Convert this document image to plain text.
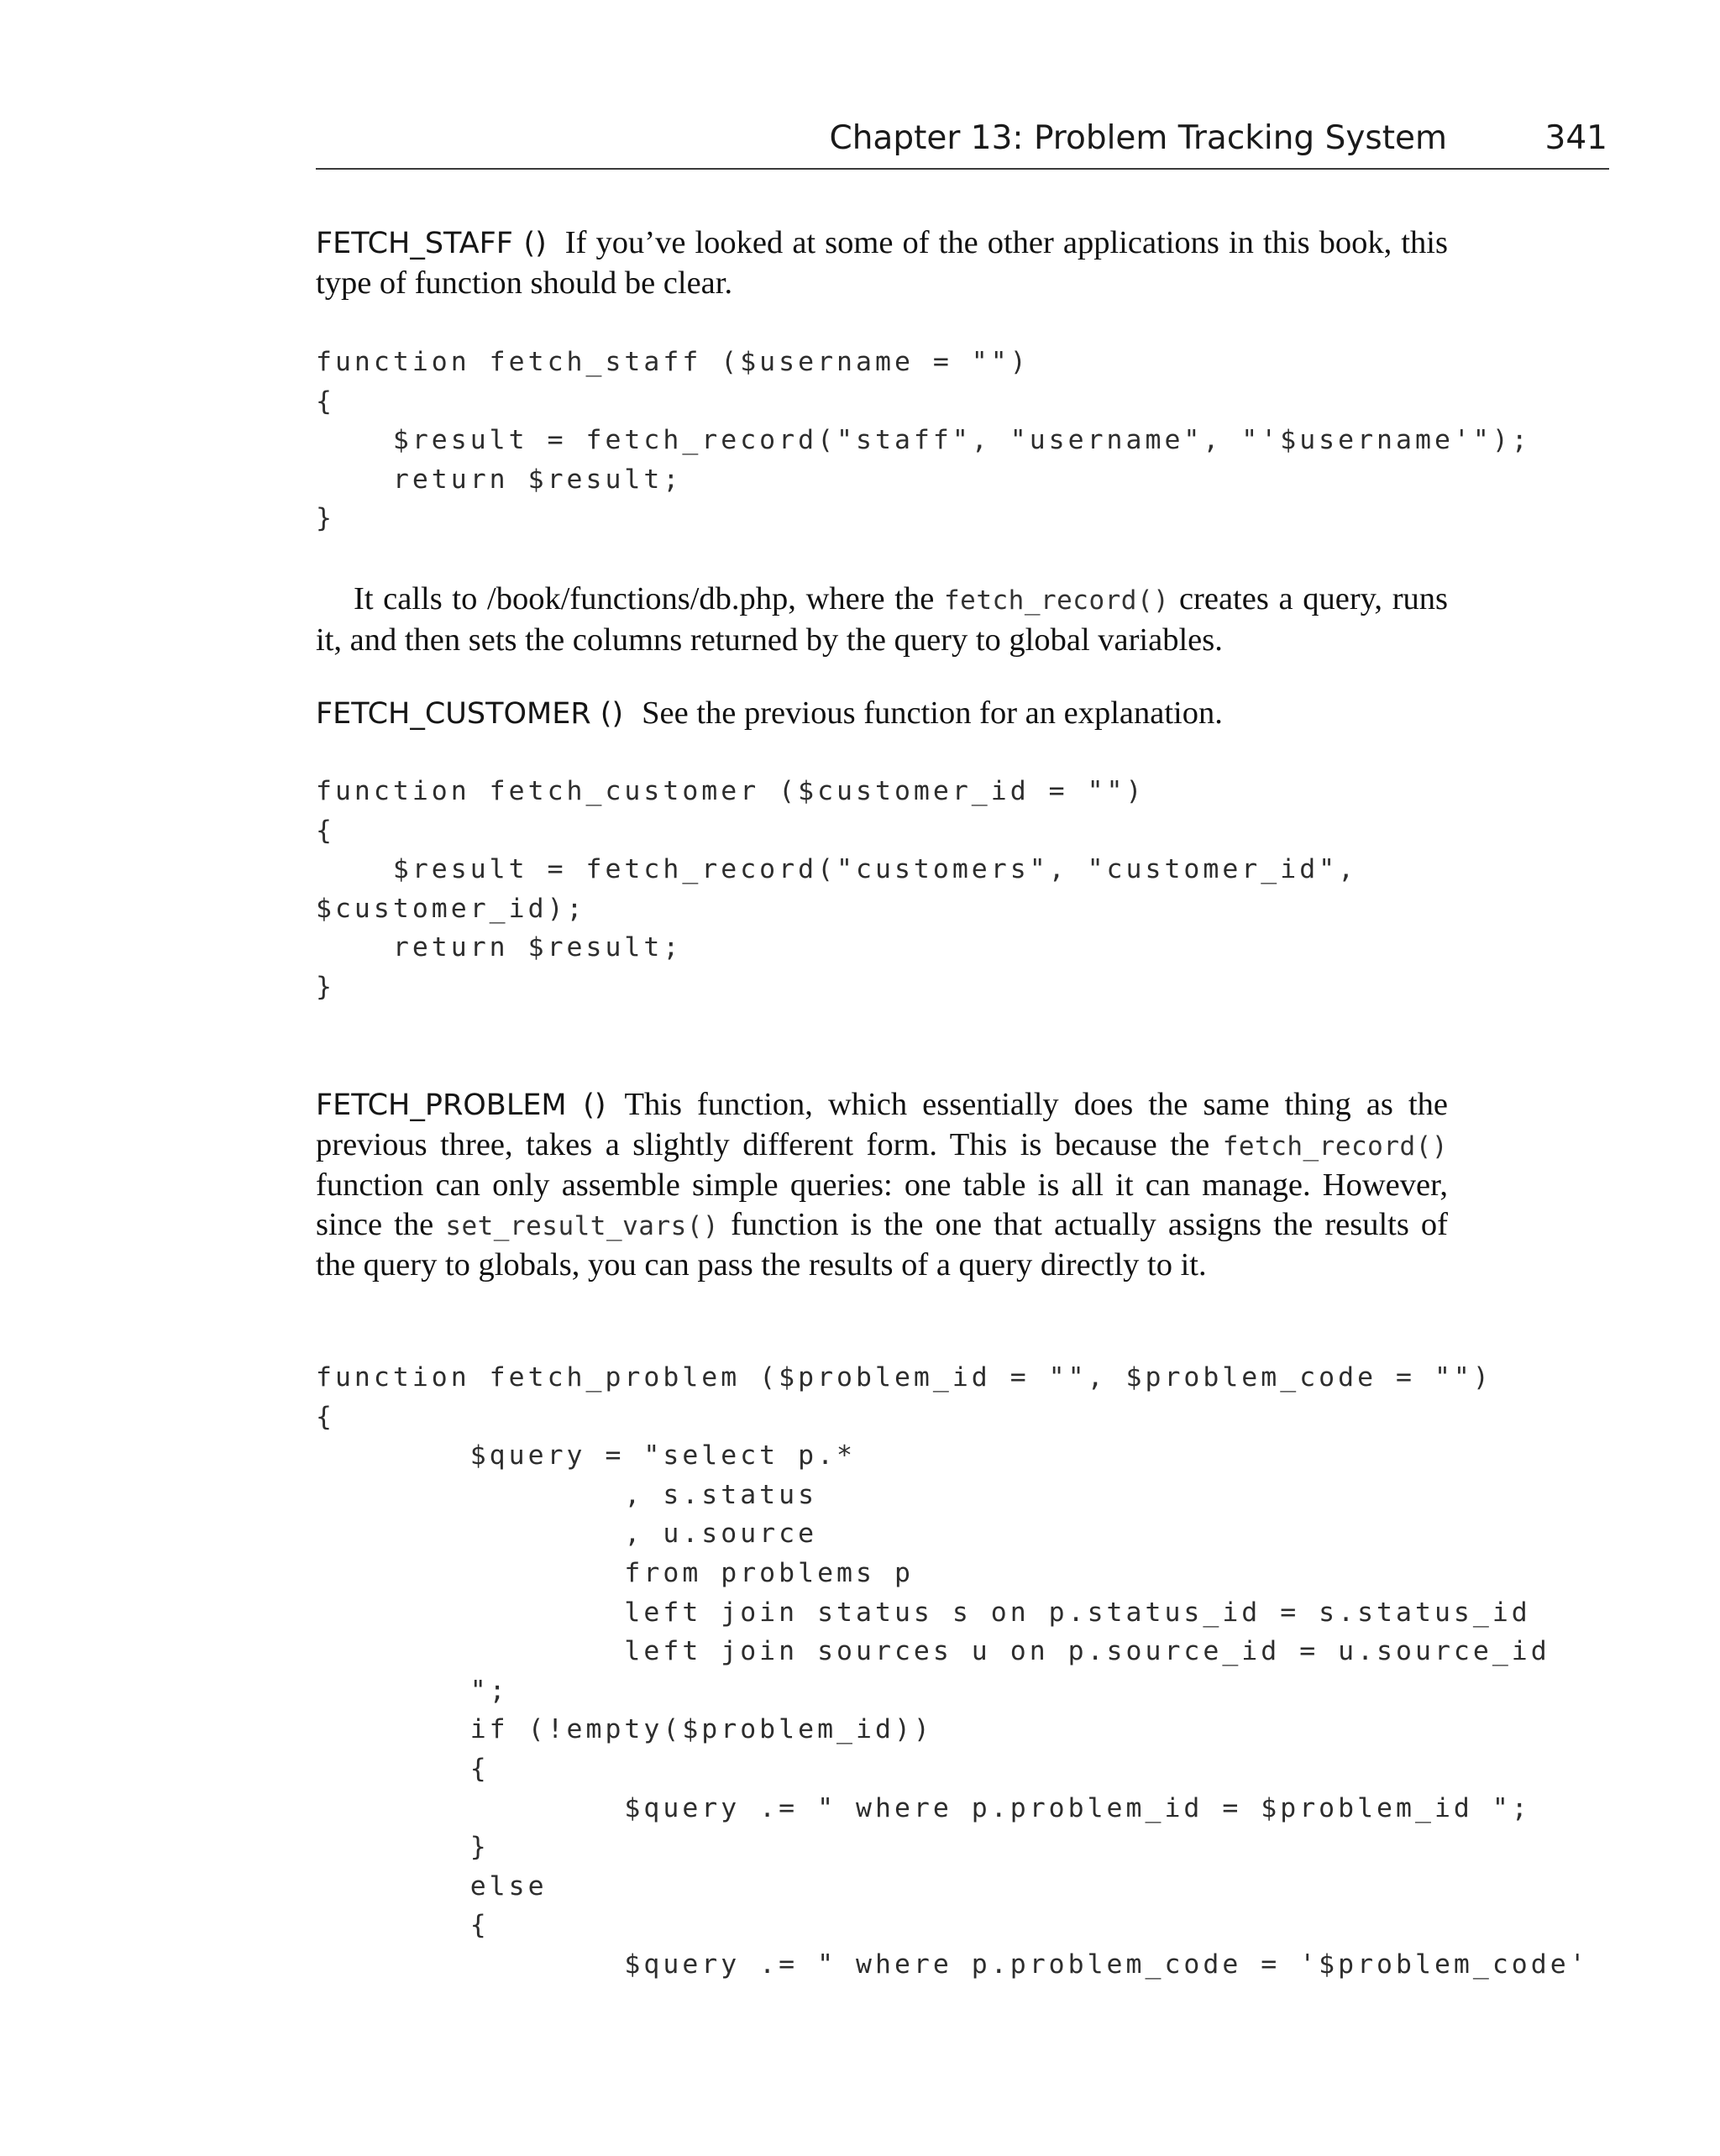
Chapter 13: Problem Tracking System	341

FETCH_STAFF () If you’ve looked at some of the other applications in this book, this type of function should be clear.

function fetch_staff ($username = "")
{
$result = fetch_record("staff", "username", "'$username'");
return $result;
}

It calls to /book/functions/db.php, where the fetch_record() creates a query, runs it, and then sets the columns returned by the query to global variables.

FETCH_CUSTOMER () See the previous function for an explanation.

function fetch_customer ($customer_id = "")
{
$result = fetch_record("customers", "customer_id",
$customer_id);
return $result;
}

FETCH_PROBLEM () This function, which essentially does the same thing as the previous three, takes a slightly different form. This is because the fetch_record() function can only assemble simple queries: one table is all it can manage. However, since the set_result_vars() function is the one that actually assigns the results of the query to globals, you can pass the results of a query directly to it.

function fetch_problem ($problem_id = "", $problem_code = "")
{
$query = "select p.*
, s.status
, u.source
from problems p
left join status s on p.status_id = s.status_id
left join sources u on p.source_id = u.source_id
";
if (!empty($problem_id))
{
$query .= " where p.problem_id = $problem_id ";
}
else
{
$query .= " where p.problem_code = '$problem_code'
